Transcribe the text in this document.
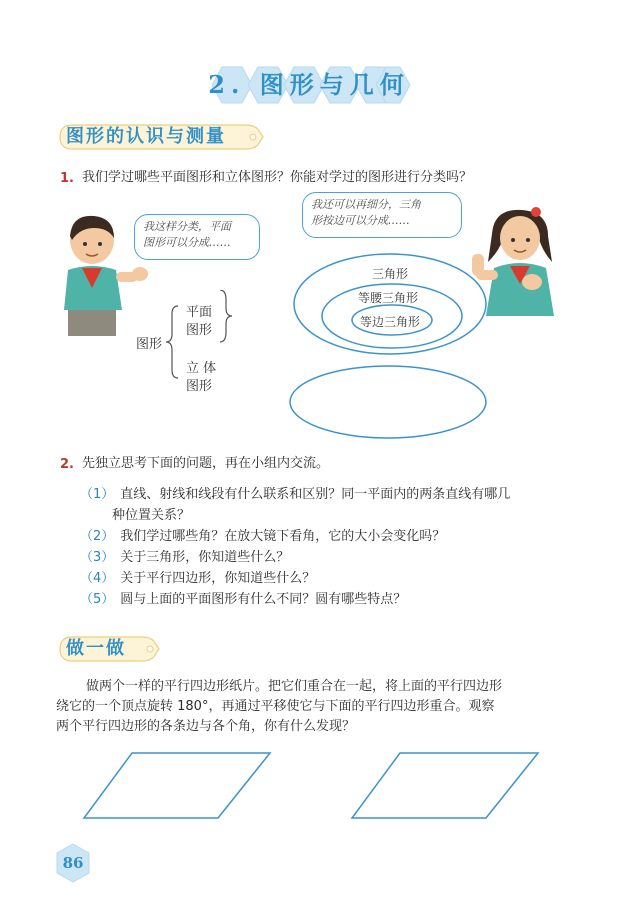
2. 图形与几何
图形的认识与测量
1. 我们学过哪些平面图形和立体图形？你能对学过的图形进行分类吗？
我这样分类，平面
图形可以分成……
我还可以再细分，三角
形按边可以分成……
图形
平面
图形
立 体
图形
三角形
等腰三角形
等边三角形
2. 先独立思考下面的问题，再在小组内交流。
（1） 直线、射线和线段有什么联系和区别？同一平面内的两条直线有哪几
种位置关系？
（2） 我们学过哪些角？在放大镜下看角，它的大小会变化吗？
（3） 关于三角形，你知道些什么？
（4） 关于平行四边形，你知道些什么？
（5） 圆与上面的平面图形有什么不同？圆有哪些特点？
做一做
做两个一样的平行四边形纸片。把它们重合在一起，将上面的平行四边形
绕它的一个顶点旋转 180°，再通过平移使它与下面的平行四边形重合。观察
两个平行四边形的各条边与各个角，你有什么发现？
86
